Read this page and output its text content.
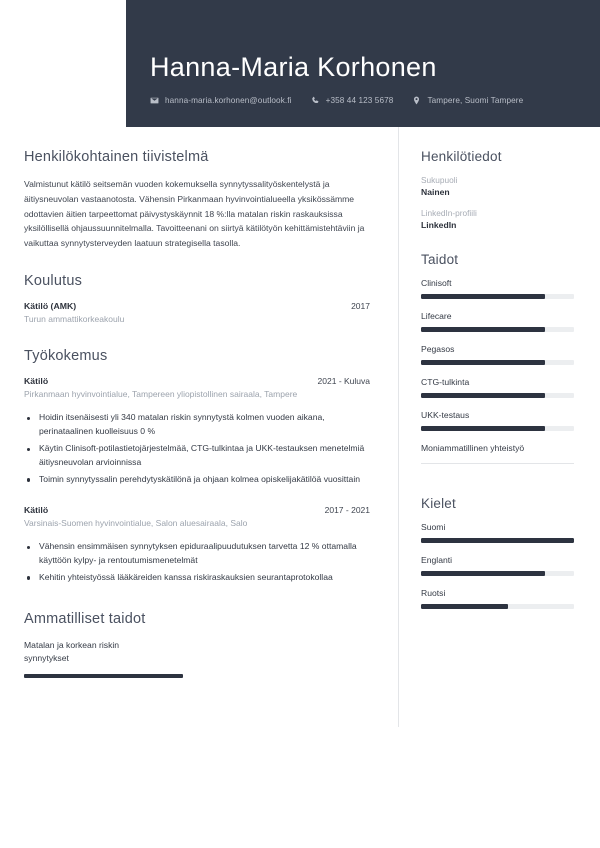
Hanna-Maria Korhonen
hanna-maria.korhonen@outlook.fi	+358 44 123 5678	Tampere, Suomi Tampere
Henkilökohtainen tiivistelmä
Valmistunut kätilö seitsemän vuoden kokemuksella synnytyssalityöskentelystä ja äitiysneuvolan vastaanotosta. Vähensin Pirkanmaan hyvinvointialueella yksikössämme odottavien äitien tarpeettomat päivystyskäynnit 18 %:lla matalan riskin raskauksissa yksilöllisellä ohjaussuunnitelmalla. Tavoitteenani on siirtyä kätilötyön kehittämistehtäviin ja vaikuttaa synnytysterveyden laatuun strategisella tasolla.
Koulutus
Kätilö (AMK)	2017
Turun ammattikorkeakoulu
Työkokemus
Kätilö	2021 - Kuluva
Pirkanmaan hyvinvointialue, Tampereen yliopistollinen sairaala, Tampere
Hoidin itsenäisesti yli 340 matalan riskin synnytystä kolmen vuoden aikana, perinataalinen kuolleisuus 0 %
Käytin Clinisoft-potilastietojärjestelmää, CTG-tulkintaa ja UKK-testauksen menetelmiä äitiysneuvolan arvioinnissa
Toimin synnytyssalin perehdytyskätilönä ja ohjaan kolmea opiskelijakätilöä vuosittain
Kätilö	2017 - 2021
Varsinais-Suomen hyvinvointialue, Salon aluesairaala, Salo
Vähensin ensimmäisen synnytyksen epiduraalipuudutuksen tarvetta 12 % ottamalla käyttöön kylpy- ja rentoutumismenetelmät
Kehitin yhteistyössä lääkäreiden kanssa riskiraskauksien seurantaprotokollaa
Ammatilliset taidot
Matalan ja korkean riskin synnytykset
Henkilötiedot
Sukupuoli
Nainen
LinkedIn-profiili
LinkedIn
Taidot
Clinisoft
Lifecare
Pegasos
CTG-tulkinta
UKK-testaus
Moniammatillinen yhteistyö
Kielet
Suomi
Englanti
Ruotsi
